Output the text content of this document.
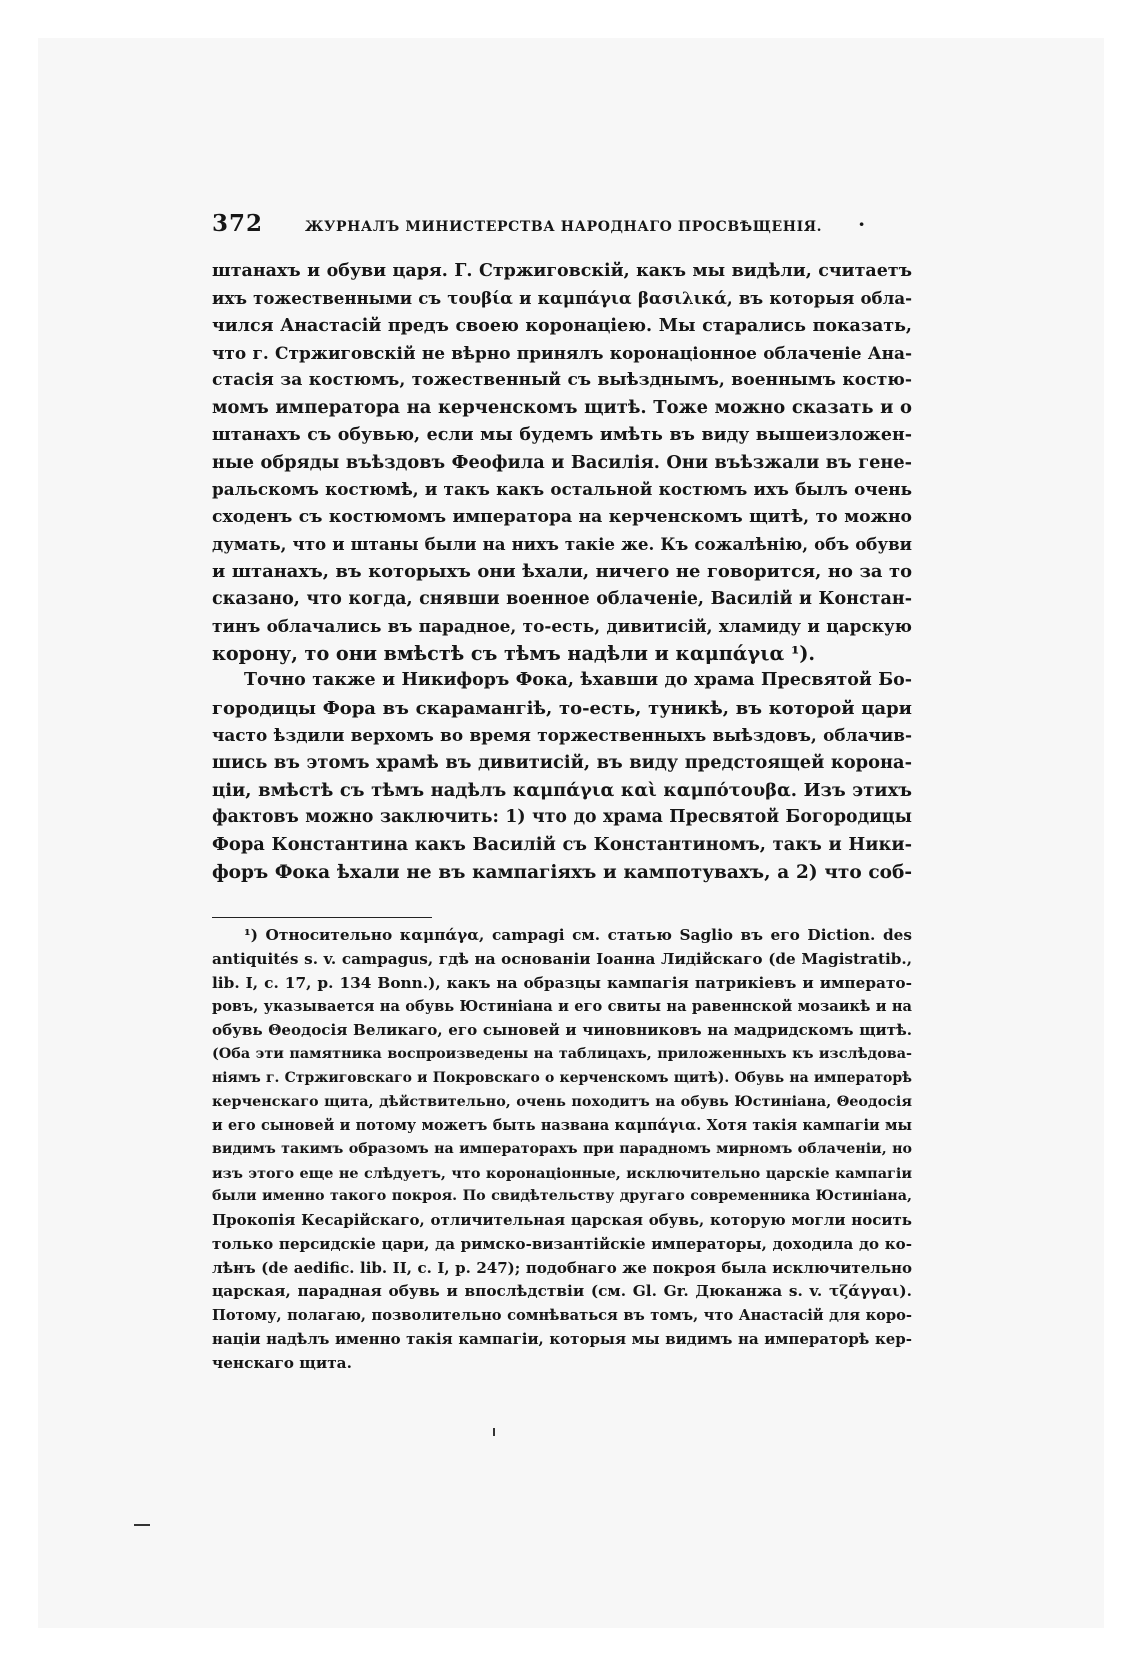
372	ЖУРНАЛЪ МИНИСТЕРСТВА НАРОДНАГО ПРОСВѢЩЕНІЯ. ·
штанахъ и обуви царя. Г. Стржиговскій, какъ мы видѣли, считаетъ
ихъ тожественными съ τουβία и καμπάγια βασιλικά, въ которыя обла-
чился Анастасій предъ своею коронаціею. Мы старались показать,
что г. Стржиговскій не вѣрно принялъ коронаціонное облаченіе Ана-
стасія за костюмъ, тожественный съ выѣзднымъ, военнымъ костю-
момъ императора на керченскомъ щитѣ. Тоже можно сказать и о
штанахъ съ обувью, если мы будемъ имѣть въ виду вышеизложен-
ные обряды въѣздовъ Феофила и Василія. Они въѣзжали въ гене-
ральскомъ костюмѣ, и такъ какъ остальной костюмъ ихъ былъ очень
сходенъ съ костюмомъ императора на керченскомъ щитѣ, то можно
думать, что и штаны были на нихъ такіе же. Къ сожалѣнію, объ обуви
и штанахъ, въ которыхъ они ѣхали, ничего не говорится, но за то
сказано, что когда, снявши военное облаченіе, Василій и Констан-
тинъ облачались въ парадное, то-есть, дивитисій, хламиду и царскую
корону, то они вмѣстѣ съ тѣмъ надѣли и καμπάγια ¹).
Точно также и Никифоръ Фока, ѣхавши до храма Пресвятой Бо-
городицы Фора въ скарамангіѣ, то-есть, туникѣ, въ которой цари
часто ѣздили верхомъ во время торжественныхъ выѣздовъ, облачив-
шись въ этомъ храмѣ въ дивитисій, въ виду предстоящей корона-
ціи, вмѣстѣ съ тѣмъ надѣлъ καμπάγια καὶ καμπότουβα. Изъ этихъ
фактовъ можно заключить: 1) что до храма Пресвятой Богородицы
Фора Константина какъ Василій съ Константиномъ, такъ и Ники-
форъ Фока ѣхали не въ кампагіяхъ и кампотувахъ, а 2) что соб-
¹) Относительно καμπάγα, campagi см. статью Saglio въ его Diction. des
antiquités s. v. campagus, гдѣ на основаніи Іоанна Лидійскаго (de Magistratib.,
lib. I, c. 17, p. 134 Bonn.), какъ на образцы кампагія патрикіевъ и императо-
ровъ, указывается на обувь Юстиніана и его свиты на равеннской мозаикѣ и на
обувь Θеодосія Великаго, его сыновей и чиновниковъ на мадридскомъ щитѣ.
(Оба эти памятника воспроизведены на таблицахъ, приложенныхъ къ изслѣдова-
ніямъ г. Стржиговскаго и Покровскаго о керченскомъ щитѣ). Обувь на императорѣ
керченскаго щита, дѣйствительно, очень походитъ на обувь Юстиніана, Θеодосія
и его сыновей и потому можетъ быть названа καμπάγια. Хотя такія кампагіи мы
видимъ такимъ образомъ на императорахъ при парадномъ мирномъ облаченіи, но
изъ этого еще не слѣдуетъ, что коронаціонные, исключительно царскіе кампагіи
были именно такого покроя. По свидѣтельству другаго современника Юстиніана,
Прокопія Кесарійскаго, отличительная царская обувь, которую могли носить
только персидскіе цари, да римско-византійскіе императоры, доходила до ко-
лѣнъ (de aedific. lib. II, c. I, p. 247); подобнаго же покроя была исключительно
царская, парадная обувь и впослѣдствіи (см. Gl. Gr. Дюканжа s. v. τζάγγαι).
Потому, полагаю, позволительно сомнѣваться въ томъ, что Анастасій для коро-
націи надѣлъ именно такія кампагіи, которыя мы видимъ на императорѣ кер-
ченскаго щита.
